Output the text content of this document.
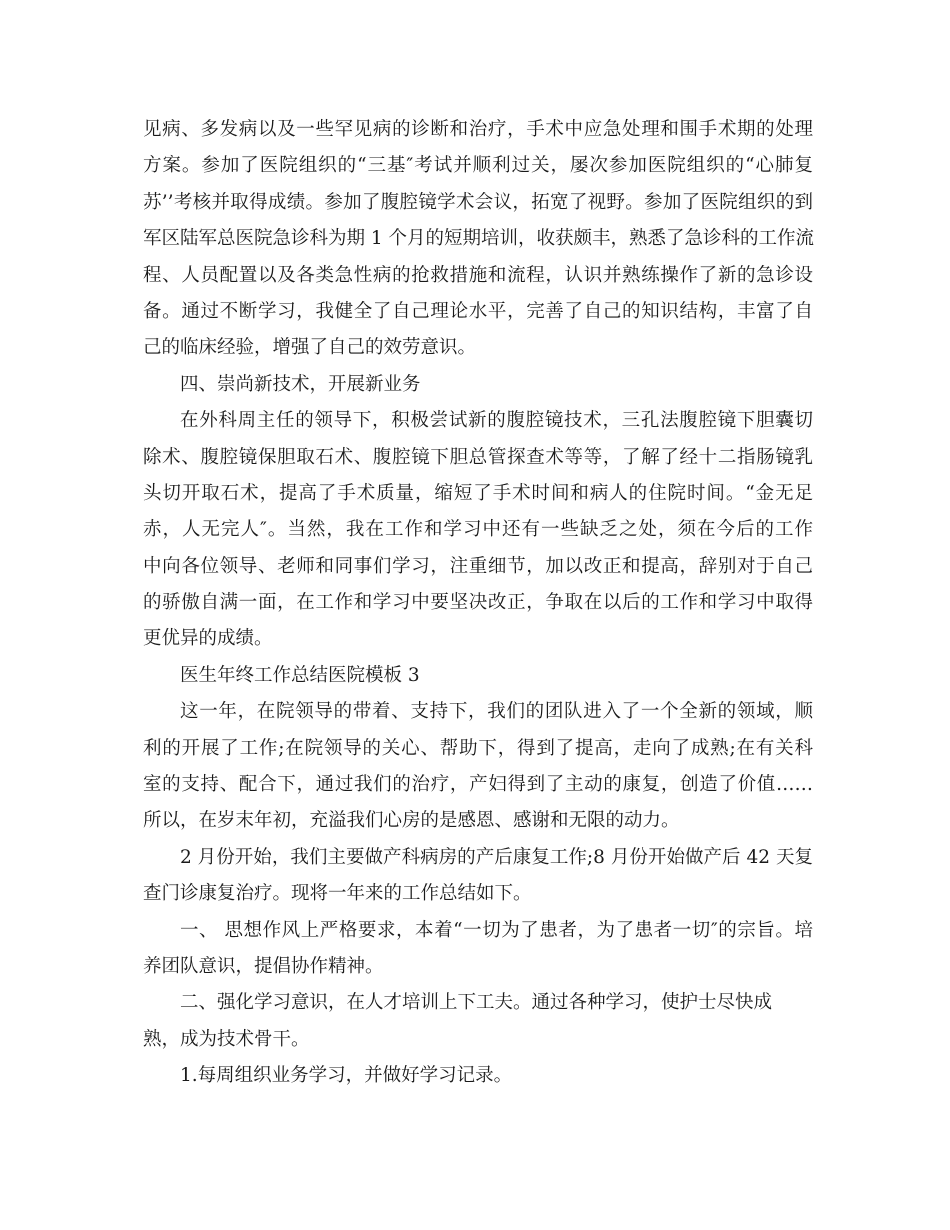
见病、多发病以及一些罕见病的诊断和治疗，手术中应急处理和围手术期的处理
方案。参加了医院组织的“三基″考试并顺利过关，屡次参加医院组织的“心肺复
苏’’考核并取得成绩。参加了腹腔镜学术会议，拓宽了视野。参加了医院组织的到
军区陆军总医院急诊科为期 1 个月的短期培训，收获颇丰，熟悉了急诊科的工作流
程、人员配置以及各类急性病的抢救措施和流程，认识并熟练操作了新的急诊设
备。通过不断学习，我健全了自己理论水平，完善了自己的知识结构，丰富了自
己的临床经验，增强了自己的效劳意识。
四、崇尚新技术，开展新业务
在外科周主任的领导下，积极尝试新的腹腔镜技术，三孔法腹腔镜下胆囊切
除术、腹腔镜保胆取石术、腹腔镜下胆总管探查术等等，了解了经十二指肠镜乳
头切开取石术，提高了手术质量，缩短了手术时间和病人的住院时间。“金无足
赤，人无完人″。当然，我在工作和学习中还有一些缺乏之处，须在今后的工作
中向各位领导、老师和同事们学习，注重细节，加以改正和提高，辞别对于自己
的骄傲自满一面，在工作和学习中要坚决改正，争取在以后的工作和学习中取得
更优异的成绩。
医生年终工作总结医院模板 3
这一年，在院领导的带着、支持下，我们的团队进入了一个全新的领域，顺
利的开展了工作;在院领导的关心、帮助下，得到了提高，走向了成熟;在有关科
室的支持、配合下，通过我们的治疗，产妇得到了主动的康复，创造了价值……
所以，在岁末年初，充溢我们心房的是感恩、感谢和无限的动力。
2 月份开始，我们主要做产科病房的产后康复工作;8 月份开始做产后 42 天复
查门诊康复治疗。现将一年来的工作总结如下。
一、 思想作风上严格要求，本着“一切为了患者，为了患者一切″的宗旨。培
养团队意识，提倡协作精神。
二、强化学习意识，在人才培训上下工夫。通过各种学习，使护士尽快成
熟，成为技术骨干。
1.每周组织业务学习，并做好学习记录。
